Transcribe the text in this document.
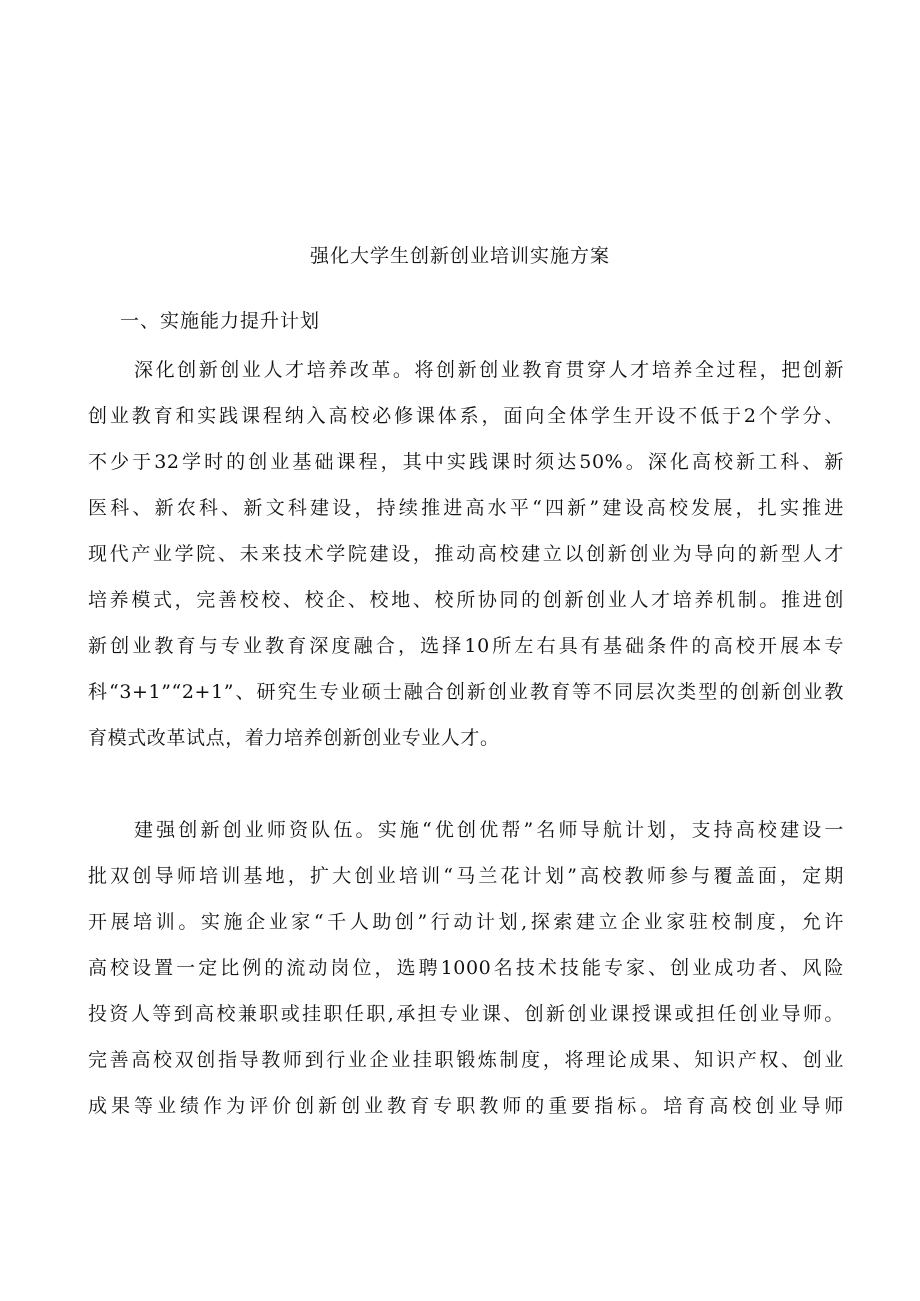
强化大学生创新创业培训实施方案
一、实施能力提升计划
深化创新创业人才培养改革。将创新创业教育贯穿人才培养全过程，把创新
创业教育和实践课程纳入高校必修课体系，面向全体学生开设不低于2个学分、
不少于32学时的创业基础课程，其中实践课时须达50%。深化高校新工科、新
医科、新农科、新文科建设，持续推进高水平“四新”建设高校发展，扎实推进
现代产业学院、未来技术学院建设，推动高校建立以创新创业为导向的新型人才
培养模式，完善校校、校企、校地、校所协同的创新创业人才培养机制。推进创
新创业教育与专业教育深度融合，选择10所左右具有基础条件的高校开展本专
科“3+1”“2+1”、研究生专业硕士融合创新创业教育等不同层次类型的创新创业教
育模式改革试点，着力培养创新创业专业人才。
建强创新创业师资队伍。实施“优创优帮”名师导航计划，支持高校建设一
批双创导师培训基地，扩大创业培训“马兰花计划”高校教师参与覆盖面，定期
开展培训。实施企业家“千人助创”行动计划,探索建立企业家驻校制度，允许
高校设置一定比例的流动岗位，选聘1000名技术技能专家、创业成功者、风险
投资人等到高校兼职或挂职任职,承担专业课、创新创业课授课或担任创业导师。
完善高校双创指导教师到行业企业挂职锻炼制度，将理论成果、知识产权、创业
成果等业绩作为评价创新创业教育专职教师的重要指标。培育高校创业导师
